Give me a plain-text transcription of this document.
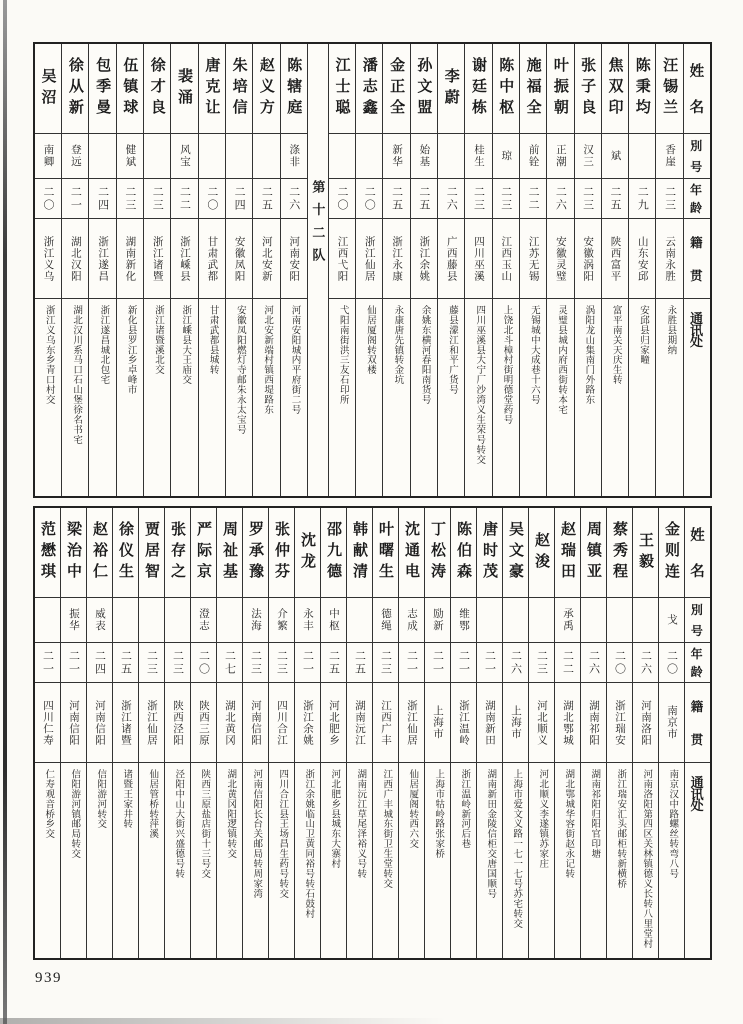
姓
名
別
号
年
龄
籍
贯
通
讯
处
汪锡兰
香崖
二三
云南永胜
永胜县期纳
陈秉均
二九
山东安邱
安邱县归家疃
焦双印
斌
二五
陕西富平
富平南关天庆生转
张子良
汉三
二三
安徽涡阳
涡阳龙山集南门外路东
叶振朝
正潮
二六
安徽灵璧
灵璧县城内府西街转本宅
施福全
前铨
二二
江苏无锡
无锡城中大成巷十六号
陈中枢
琼
二三
江西玉山
上饶北斗樟村街明德堂药号
谢廷栋
桂生
二三
四川巫溪
四川巫溪县大宁厂沙湾义生荣号转交
李蔚
二六
广西藤县
藤县濛江和平广货号
孙文盟
始基
二五
浙江余姚
余姚东横河春阳南货号
金正全
新华
二五
浙江永康
永康唐先镇转金坑
潘志鑫
二〇
浙江仙居
仙居厦阁转双楼
江士聪
二〇
江西弋阳
弋阳南街洪三友石印所
第十二队
陈辖庭
涤非
二六
河南安阳
河南安阳城内平府街二号
赵义方
二五
河北安新
河北安新端村镇西堤路东
朱培信
二四
安徽凤阳
安徽凤阳燃灯寺邮朱永太宝号
唐克让
二〇
甘肃武都
甘肃武都县城转
裴涌
风宝
二二
浙江嵊县
浙江嵊县大王庙交
徐才良
二三
浙江诸暨
浙江诸暨溪北交
伍镇球
健斌
二三
湖南新化
新化县罗江乡卓峰市
包季曼
二四
浙江遂昌
浙江遂昌城北包宅
徐从新
登远
二一
湖北汉阳
湖北汉川系马口石山堡徐名书宅
吴沼
南卿
二〇
浙江义乌
浙江义乌东乡青口村交
姓
名
別
号
年
龄
籍
贯
通
讯
处
金则连
戈
二〇
南京市
南京汉中路螺丝转弯八号
王毅
二六
河南洛阳
河南洛阳第四区关林镇德义长转八里堂村
蔡秀程
二〇
浙江瑞安
浙江瑞安汇头邮柜转新横桥
周镇亚
二六
湖南祁阳
湖南祁阳归阳官印塘
赵瑞田
承禹
二二
湖北鄂城
湖北鄂城华容街赵永记转
赵浚
二三
河北顺义
河北顺义李遂镇苏家庄
吴文豪
二六
上海市
上海市爱文义路一七一七号苏宅转交
唐时茂
二一
湖南新田
湖南新田金陵信柜交唐国顺号
陈伯森
维鄂
二一
浙江温岭
浙江温岭新河后巷
丁松涛
励新
二一
上海市
上海市牯岭路张家桥
沈通电
志成
二一
浙江仙居
仙居厦阁转西六交
叶曙生
德绳
二三
江西广丰
江西广丰城东街卫生堂转交
韩献清
二五
湖南沅江
湖南沅江草尾泽裕义号转
邵九德
中枢
二五
河北肥乡
河北肥乡县城东大寨村
沈龙
永丰
二一
浙江余姚
浙江余姚临山卫黄同裕号转石鼓村
张仲芬
介繁
二三
四川合江
四川合江县王场昌生药号转交
罗承豫
法海
二三
河南信阳
河南信阳长台关邮局转周家湾
周祉基
二七
湖北黄冈
湖北黄冈阳逻镇转交
严际京
澄志
二〇
陕西三原
陕西三原盐店街十三号交
张存之
二三
陕西泾阳
泾阳中山大街兴盛德号转
贾居智
二三
浙江仙居
仙居管桥转萍溪
徐仪生
二五
浙江诸暨
诸暨王家井转
赵裕仁
威表
二四
河南信阳
信阳游河转交
梁治中
振华
二一
河南信阳
信阳游河镇邮局转交
范懋琪
二一
四川仁寿
仁寿观音桥乡交
939
